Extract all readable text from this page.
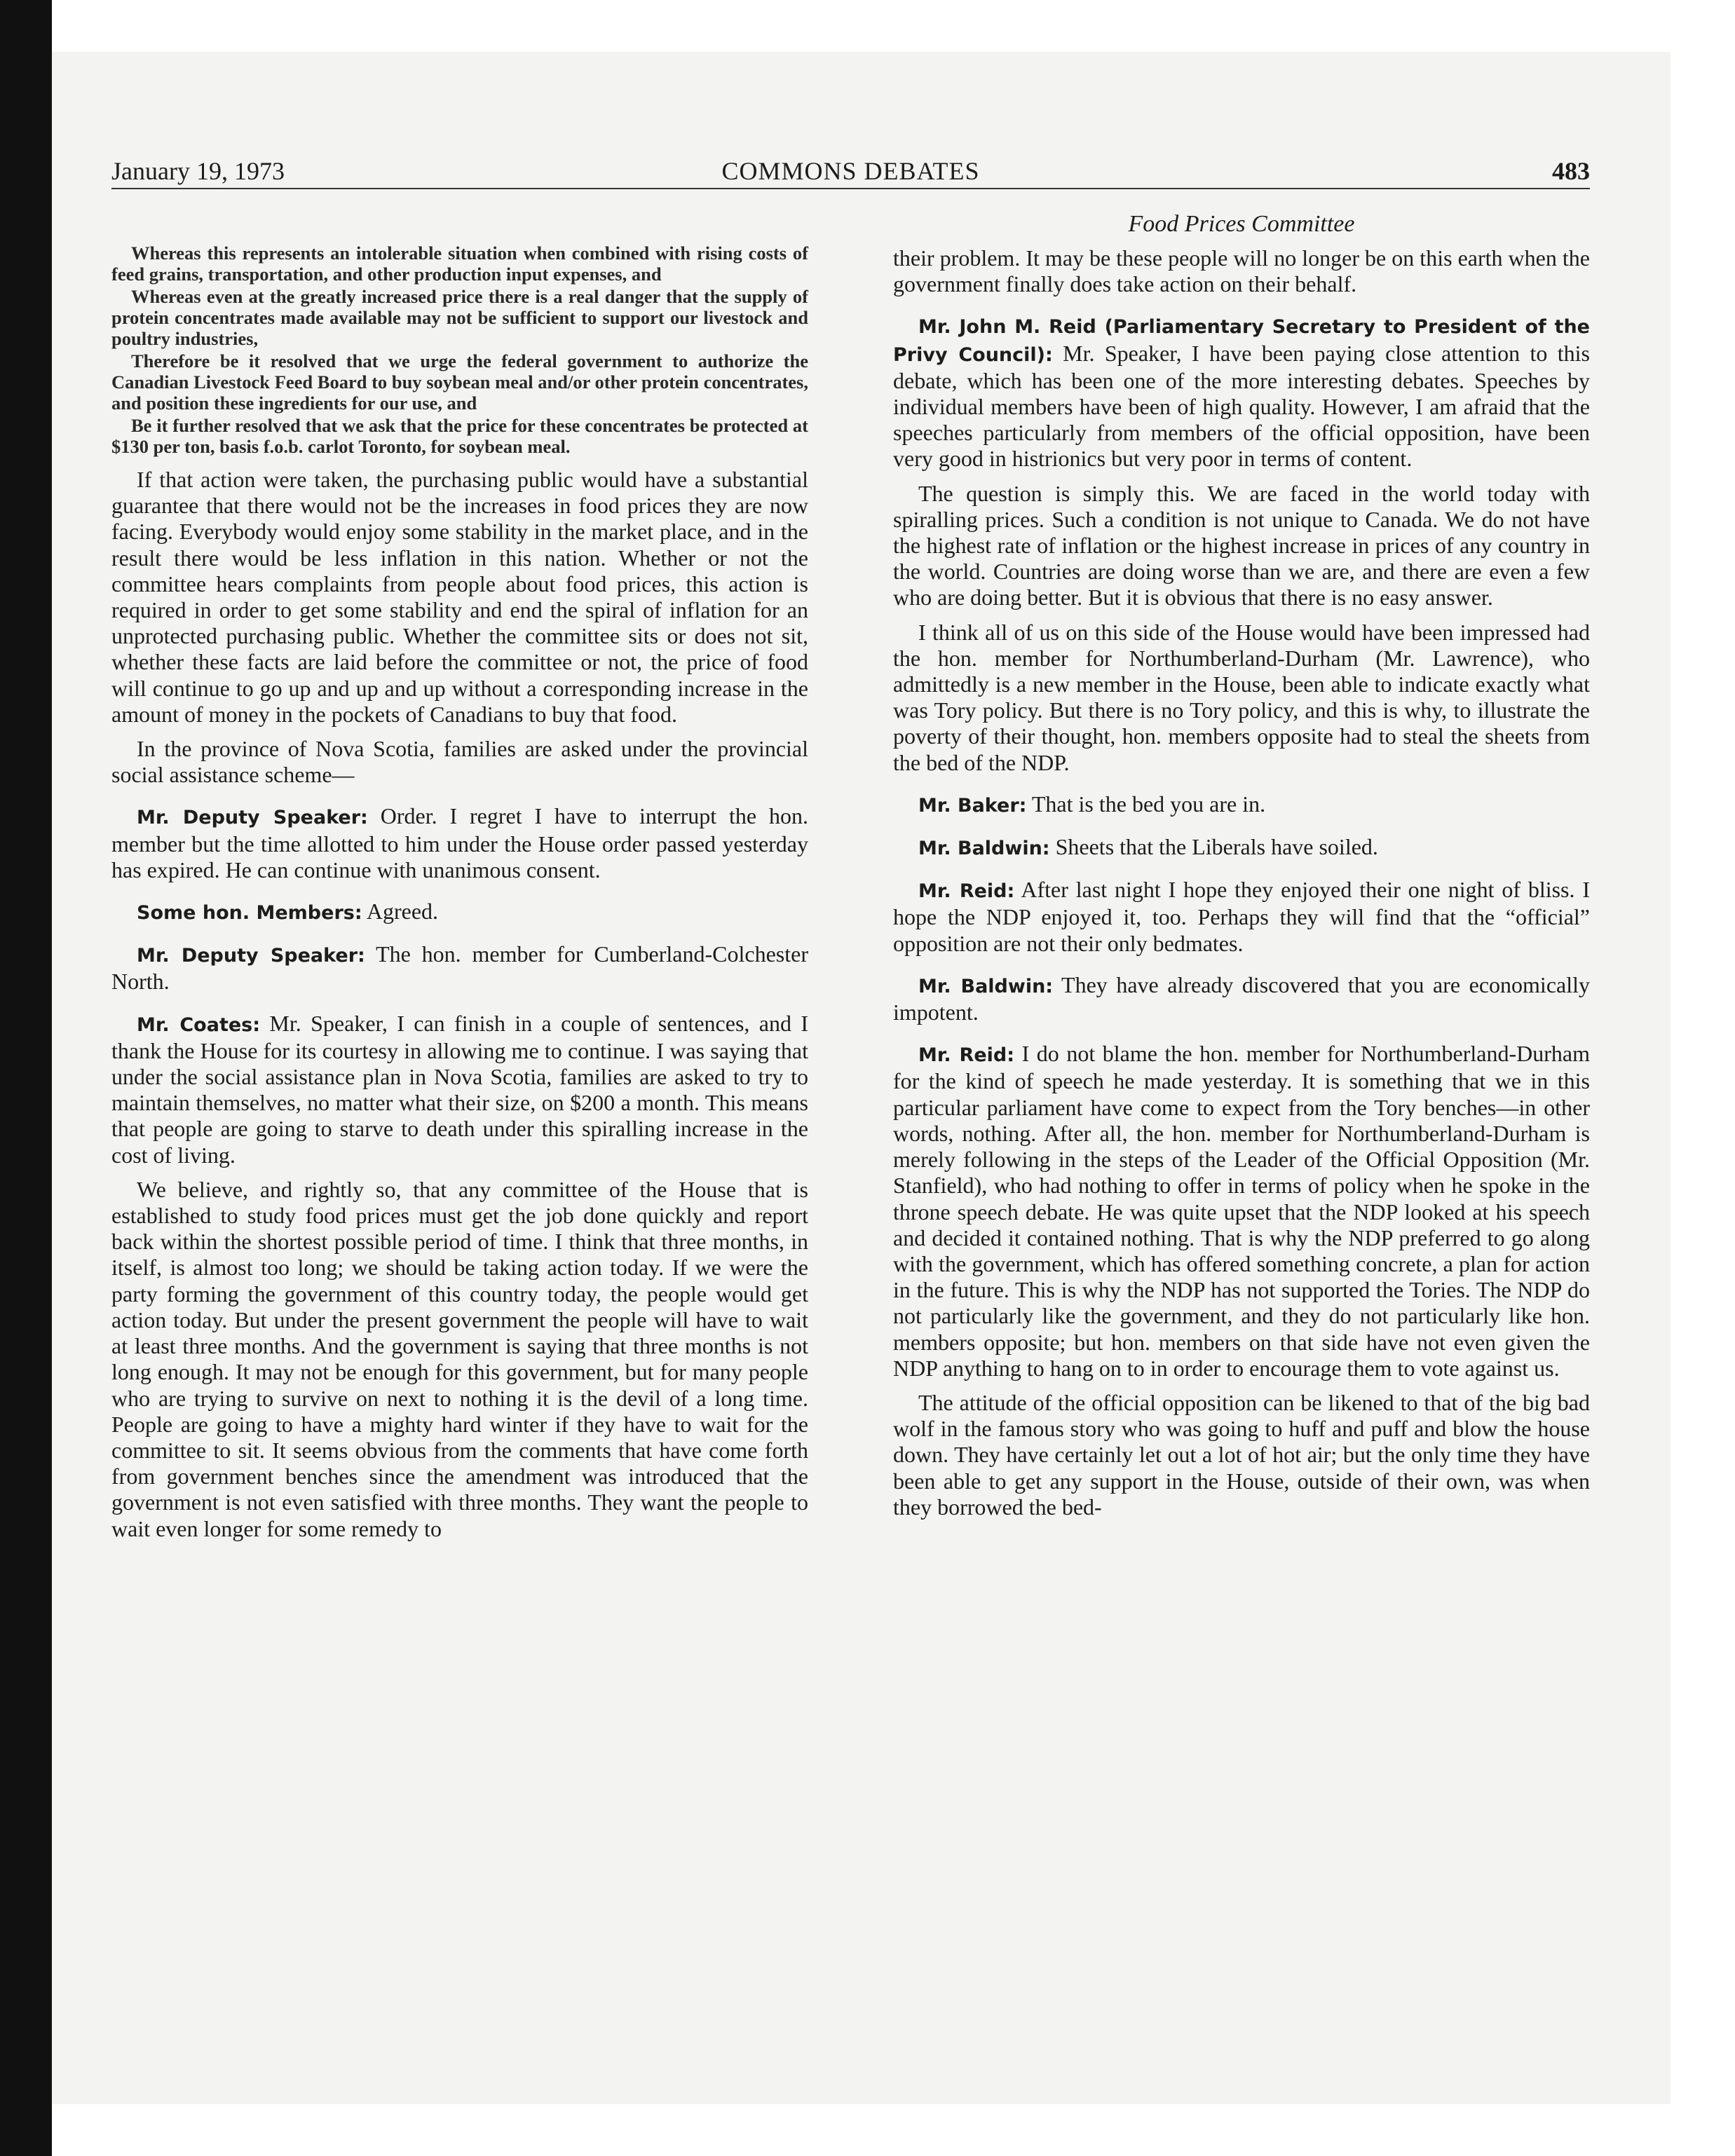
January 19, 1973	COMMONS DEBATES	483

Whereas this represents an intolerable situation when combined with rising costs of feed grains, transportation, and other production input expenses, and

Whereas even at the greatly increased price there is a real danger that the supply of protein concentrates made available may not be sufficient to support our livestock and poultry industries,

Therefore be it resolved that we urge the federal government to authorize the Canadian Livestock Feed Board to buy soybean meal and/or other protein concentrates, and position these ingredients for our use, and

Be it further resolved that we ask that the price for these concentrates be protected at $130 per ton, basis f.o.b. carlot Toronto, for soybean meal.

If that action were taken, the purchasing public would have a substantial guarantee that there would not be the increases in food prices they are now facing. Everybody would enjoy some stability in the market place, and in the result there would be less inflation in this nation. Whether or not the committee hears complaints from people about food prices, this action is required in order to get some stability and end the spiral of inflation for an unprotected purchasing public. Whether the committee sits or does not sit, whether these facts are laid before the committee or not, the price of food will continue to go up and up and up without a corresponding increase in the amount of money in the pockets of Canadians to buy that food.

In the province of Nova Scotia, families are asked under the provincial social assistance scheme—

Mr. Deputy Speaker: Order. I regret I have to interrupt the hon. member but the time allotted to him under the House order passed yesterday has expired. He can continue with unanimous consent.

Some hon. Members: Agreed.

Mr. Deputy Speaker: The hon. member for Cumberland-Colchester North.

Mr. Coates: Mr. Speaker, I can finish in a couple of sentences, and I thank the House for its courtesy in allowing me to continue. I was saying that under the social assistance plan in Nova Scotia, families are asked to try to maintain themselves, no matter what their size, on $200 a month. This means that people are going to starve to death under this spiralling increase in the cost of living.

We believe, and rightly so, that any committee of the House that is established to study food prices must get the job done quickly and report back within the shortest possible period of time. I think that three months, in itself, is almost too long; we should be taking action today. If we were the party forming the government of this country today, the people would get action today. But under the present government the people will have to wait at least three months. And the government is saying that three months is not long enough. It may not be enough for this government, but for many people who are trying to survive on next to nothing it is the devil of a long time. People are going to have a mighty hard winter if they have to wait for the committee to sit. It seems obvious from the comments that have come forth from government benches since the amendment was introduced that the government is not even satisfied with three months. They want the people to wait even longer for some remedy to

Food Prices Committee

their problem. It may be these people will no longer be on this earth when the government finally does take action on their behalf.

Mr. John M. Reid (Parliamentary Secretary to President of the Privy Council): Mr. Speaker, I have been paying close attention to this debate, which has been one of the more interesting debates. Speeches by individual members have been of high quality. However, I am afraid that the speeches particularly from members of the official opposition, have been very good in histrionics but very poor in terms of content.

The question is simply this. We are faced in the world today with spiralling prices. Such a condition is not unique to Canada. We do not have the highest rate of inflation or the highest increase in prices of any country in the world. Countries are doing worse than we are, and there are even a few who are doing better. But it is obvious that there is no easy answer.

I think all of us on this side of the House would have been impressed had the hon. member for Northumberland-Durham (Mr. Lawrence), who admittedly is a new member in the House, been able to indicate exactly what was Tory policy. But there is no Tory policy, and this is why, to illustrate the poverty of their thought, hon. members opposite had to steal the sheets from the bed of the NDP.

Mr. Baker: That is the bed you are in.

Mr. Baldwin: Sheets that the Liberals have soiled.

Mr. Reid: After last night I hope they enjoyed their one night of bliss. I hope the NDP enjoyed it, too. Perhaps they will find that the “official” opposition are not their only bedmates.

Mr. Baldwin: They have already discovered that you are economically impotent.

Mr. Reid: I do not blame the hon. member for Northumberland-Durham for the kind of speech he made yesterday. It is something that we in this particular parliament have come to expect from the Tory benches—in other words, nothing. After all, the hon. member for Northumberland-Durham is merely following in the steps of the Leader of the Official Opposition (Mr. Stanfield), who had nothing to offer in terms of policy when he spoke in the throne speech debate. He was quite upset that the NDP looked at his speech and decided it contained nothing. That is why the NDP preferred to go along with the government, which has offered something concrete, a plan for action in the future. This is why the NDP has not supported the Tories. The NDP do not particularly like the government, and they do not particularly like hon. members opposite; but hon. members on that side have not even given the NDP anything to hang on to in order to encourage them to vote against us.

The attitude of the official opposition can be likened to that of the big bad wolf in the famous story who was going to huff and puff and blow the house down. They have certainly let out a lot of hot air; but the only time they have been able to get any support in the House, outside of their own, was when they borrowed the bed-
